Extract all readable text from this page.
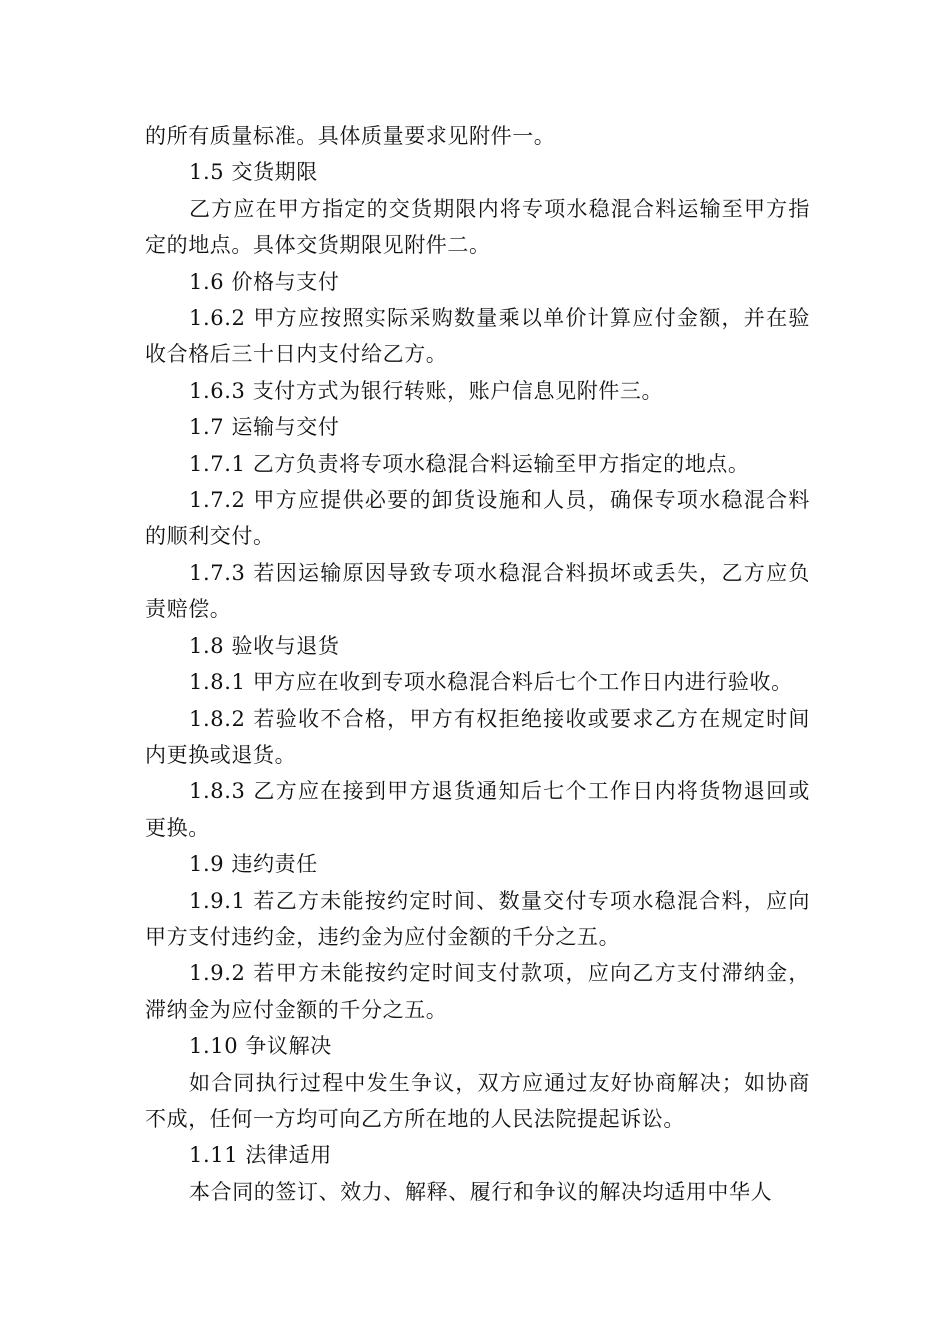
的所有质量标准。具体质量要求见附件一。

1.5 交货期限

乙方应在甲方指定的交货期限内将专项水稳混合料运输至甲方指定的地点。具体交货期限见附件二。

1.6 价格与支付

1.6.2 甲方应按照实际采购数量乘以单价计算应付金额，并在验收合格后三十日内支付给乙方。

1.6.3 支付方式为银行转账，账户信息见附件三。

1.7 运输与交付

1.7.1 乙方负责将专项水稳混合料运输至甲方指定的地点。

1.7.2 甲方应提供必要的卸货设施和人员，确保专项水稳混合料的顺利交付。

1.7.3 若因运输原因导致专项水稳混合料损坏或丢失，乙方应负责赔偿。

1.8 验收与退货

1.8.1 甲方应在收到专项水稳混合料后七个工作日内进行验收。

1.8.2 若验收不合格，甲方有权拒绝接收或要求乙方在规定时间内更换或退货。

1.8.3 乙方应在接到甲方退货通知后七个工作日内将货物退回或更换。

1.9 违约责任

1.9.1 若乙方未能按约定时间、数量交付专项水稳混合料，应向甲方支付违约金，违约金为应付金额的千分之五。

1.9.2 若甲方未能按约定时间支付款项，应向乙方支付滞纳金，滞纳金为应付金额的千分之五。

1.10 争议解决

如合同执行过程中发生争议，双方应通过友好协商解决；如协商不成，任何一方均可向乙方所在地的人民法院提起诉讼。

1.11 法律适用

本合同的签订、效力、解释、履行和争议的解决均适用中华人
